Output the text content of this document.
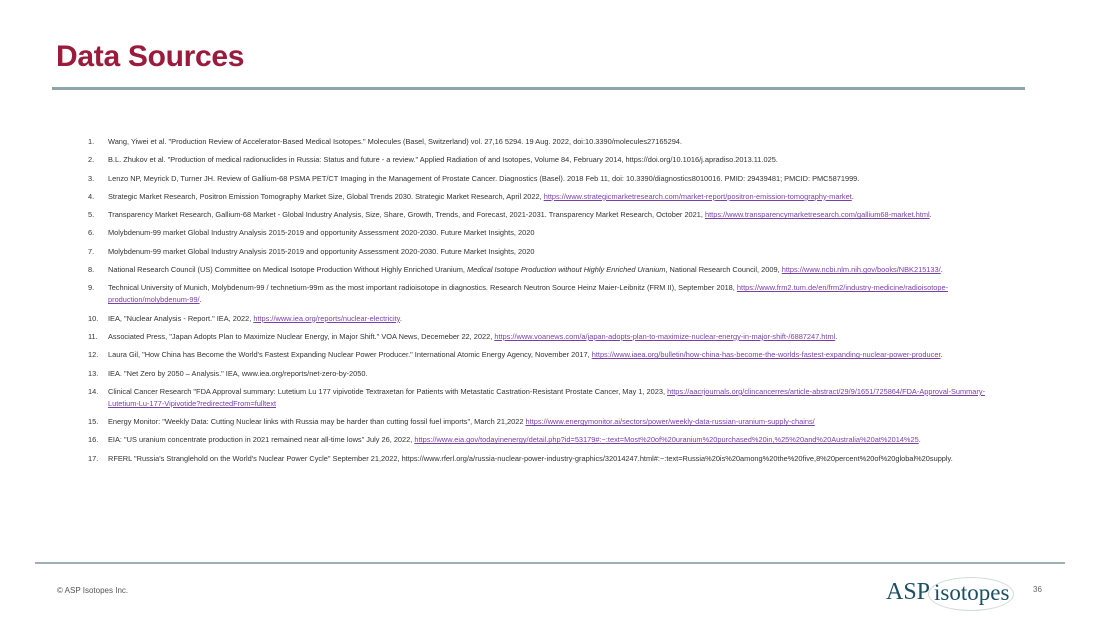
Data Sources
1.	Wang, Yiwei et al. "Production Review of Accelerator-Based Medical Isotopes." Molecules (Basel, Switzerland) vol. 27,16 5294. 19 Aug. 2022, doi:10.3390/molecules27165294.
2.	B.L. Zhukov et al. "Production of medical radionuclides in Russia: Status and future - a review." Applied Radiation of and Isotopes, Volume 84, February 2014, https://doi.org/10.1016/j.apradiso.2013.11.025.
3.	Lenzo NP, Meyrick D, Turner JH. Review of Gallium-68 PSMA PET/CT Imaging in the Management of Prostate Cancer. Diagnostics (Basel). 2018 Feb 11, doi: 10.3390/diagnostics8010016. PMID: 29439481; PMCID: PMC5871999.
4.	Strategic Market Research, Positron Emission Tomography Market Size, Global Trends 2030. Strategic Market Research, April 2022, https://www.strategicmarketresearch.com/market-report/positron-emission-tomography-market.
5.	Transparency Market Research, Gallium-68 Market - Global Industry Analysis, Size, Share, Growth, Trends, and Forecast, 2021-2031. Transparency Market Research, October 2021, https://www.transparencymarketresearch.com/gallium68-market.html.
6.	Molybdenum-99 market Global Industry Analysis 2015-2019 and opportunity Assessment 2020-2030. Future Market Insights, 2020
7.	Molybdenum-99 market Global Industry Analysis 2015-2019 and opportunity Assessment 2020-2030. Future Market Insights, 2020
8.	National Research Council (US) Committee on Medical Isotope Production Without Highly Enriched Uranium, Medical Isotope Production without Highly Enriched Uranium, National Research Council, 2009, https://www.ncbi.nlm.nih.gov/books/NBK215133/.
9.	Technical University of Munich, Molybdenum-99 / technetium-99m as the most important radioisotope in diagnostics. Research Neutron Source Heinz Maier-Leibnitz (FRM II), September 2018, https://www.frm2.tum.de/en/frm2/industry-medicine/radioisotope-production/molybdenum-99/.
10.	IEA, "Nuclear Analysis - Report." IEA, 2022, https://www.iea.org/reports/nuclear-electricity.
11.	Associated Press, "Japan Adopts Plan to Maximize Nuclear Energy, in Major Shift." VOA News, Decemeber 22, 2022, https://www.voanews.com/a/japan-adopts-plan-to-maximize-nuclear-energy-in-major-shift-/6887247.html.
12.	Laura Gil, "How China has Become the World's Fastest Expanding Nuclear Power Producer." International Atomic Energy Agency, November 2017, https://www.iaea.org/bulletin/how-china-has-become-the-worlds-fastest-expanding-nuclear-power-producer.
13.	IEA. "Net Zero by 2050 – Analysis." IEA, www.iea.org/reports/net-zero-by-2050.
14.	Clinical Cancer Research "FDA Approval summary: Lutetium Lu 177 vipivotide Textraxetan for Patients with Metastatic Castration-Resistant Prostate Cancer, May 1, 2023, https://aacrjournals.org/clincancerres/article-abstract/29/9/1651/725864/FDA-Approval-Summary-Lutetium-Lu-177-Vipivotide?redirectedFrom=fulltext
15.	Energy Monitor: "Weekly Data: Cutting Nuclear links with Russia may be harder than cutting fossil fuel imports", March 21,2022 https://www.energymonitor.ai/sectors/power/weekly-data-russian-uranium-supply-chains/
16.	EIA: "US uranium concentrate production in 2021 remained near all-time lows" July 26, 2022, https://www.eia.gov/todayinenergy/detail.php?id=53179#:~:text=Most%20of%20uranium%20purchased%20in,%25%20and%20Australia%20at%2014%25.
17.	RFERL "Russia's Stranglehold on the World's Nuclear Power Cycle" September 21,2022, https://www.rferl.org/a/russia-nuclear-power-industry-graphics/32014247.html#:~:text=Russia%20is%20among%20the%20five,8%20percent%20of%20global%20supply.
© ASP Isotopes Inc.	ASP isotopes	36
